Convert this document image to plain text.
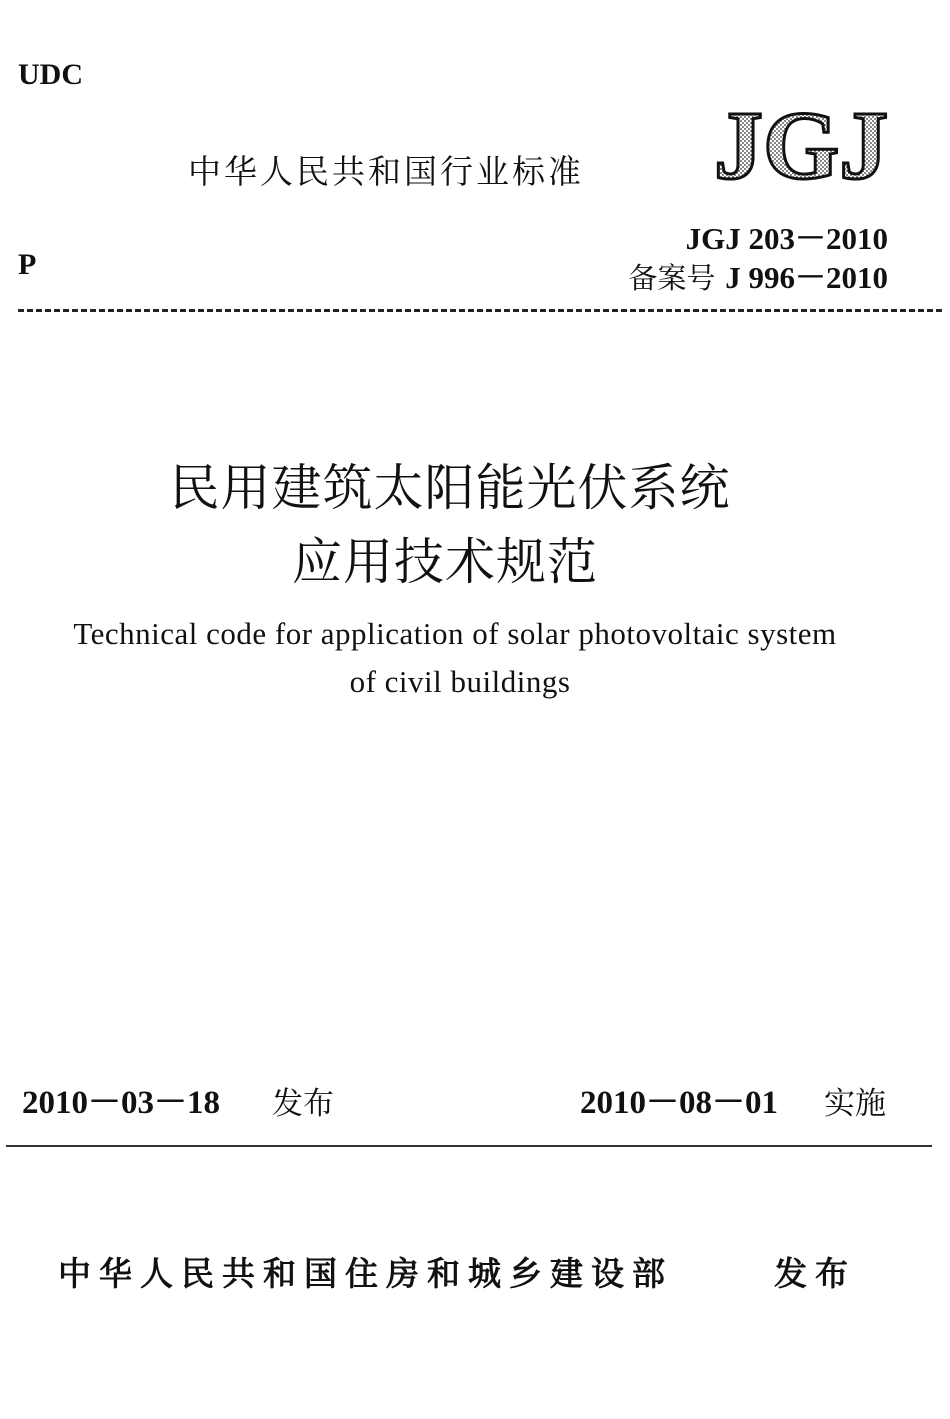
UDC
P
中华人民共和国行业标准 JGJ
JGJ 203－2010
备案号 J 996－2010
民用建筑太阳能光伏系统
应用技术规范
Technical code for application of solar photovoltaic system
of civil buildings
2010－03－18 发布	2010－08－01 实施
中华人民共和国住房和城乡建设部	发布
